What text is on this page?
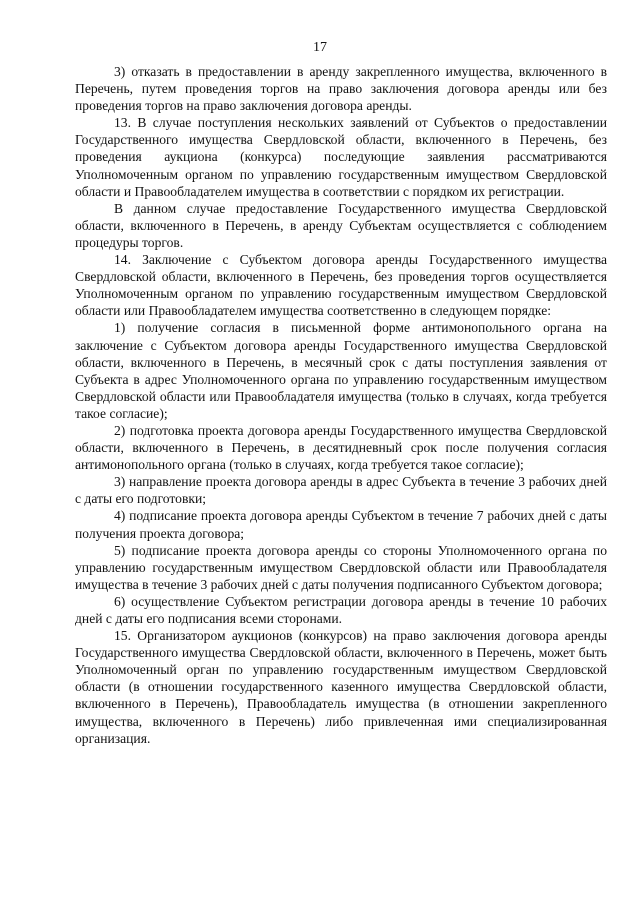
17

3) отказать в предоставлении в аренду закрепленного имущества, включенного в Перечень, путем проведения торгов на право заключения договора аренды или без проведения торгов на право заключения договора аренды.

13. В случае поступления нескольких заявлений от Субъектов о предоставлении Государственного имущества Свердловской области, включенного в Перечень, без проведения аукциона (конкурса) последующие заявления рассматриваются Уполномоченным органом по управлению государственным имуществом Свердловской области и Правообладателем имущества в соответствии с порядком их регистрации.

В данном случае предоставление Государственного имущества Свердловской области, включенного в Перечень, в аренду Субъектам осуществляется с соблюдением процедуры торгов.

14. Заключение с Субъектом договора аренды Государственного имущества Свердловской области, включенного в Перечень, без проведения торгов осуществляется Уполномоченным органом по управлению государственным имуществом Свердловской области или Правообладателем имущества соответственно в следующем порядке:

1) получение согласия в письменной форме антимонопольного органа на заключение с Субъектом договора аренды Государственного имущества Свердловской области, включенного в Перечень, в месячный срок с даты поступления заявления от Субъекта в адрес Уполномоченного органа по управлению государственным имуществом Свердловской области или Правообладателя имущества (только в случаях, когда требуется такое согласие);

2) подготовка проекта договора аренды Государственного имущества Свердловской области, включенного в Перечень, в десятидневный срок после получения согласия антимонопольного органа (только в случаях, когда требуется такое согласие);

3) направление проекта договора аренды в адрес Субъекта в течение 3 рабочих дней с даты его подготовки;

4) подписание проекта договора аренды Субъектом в течение 7 рабочих дней с даты получения проекта договора;

5) подписание проекта договора аренды со стороны Уполномоченного органа по управлению государственным имуществом Свердловской области или Правообладателя имущества в течение 3 рабочих дней с даты получения подписанного Субъектом договора;

6) осуществление Субъектом регистрации договора аренды в течение 10 рабочих дней с даты его подписания всеми сторонами.

15. Организатором аукционов (конкурсов) на право заключения договора аренды Государственного имущества Свердловской области, включенного в Перечень, может быть Уполномоченный орган по управлению государственным имуществом Свердловской области (в отношении государственного казенного имущества Свердловской области, включенного в Перечень), Правообладатель имущества (в отношении закрепленного имущества, включенного в Перечень) либо привлеченная ими специализированная организация.
